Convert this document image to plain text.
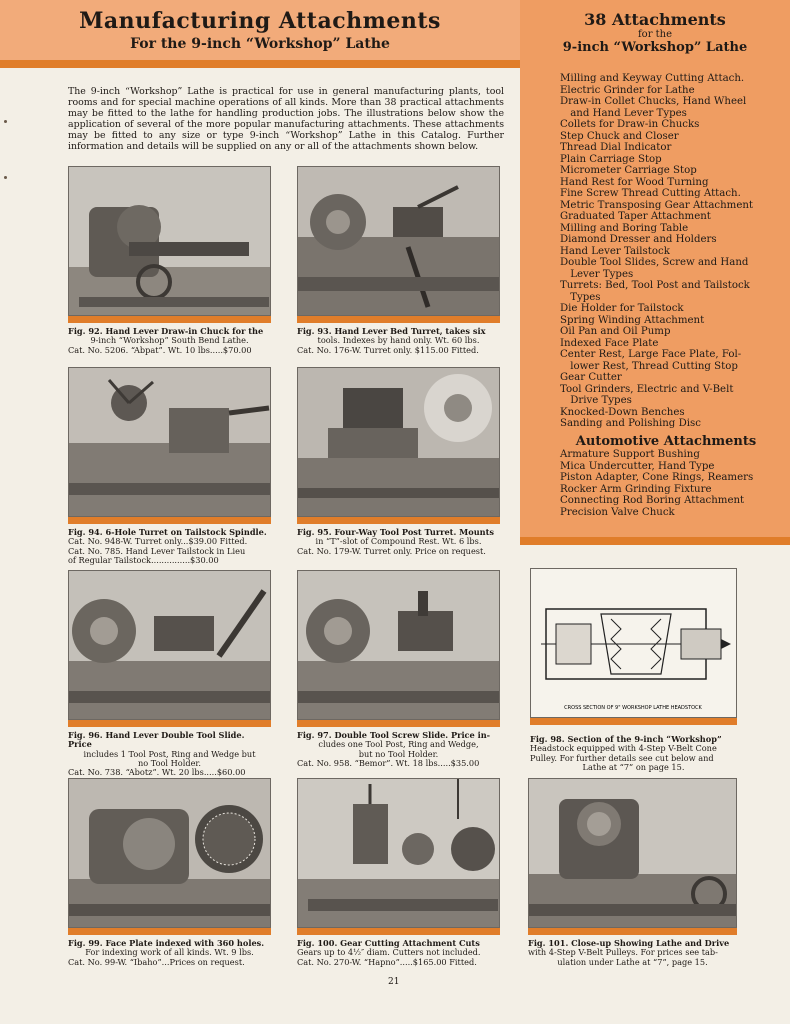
Manufacturing Attachments
For the 9-inch “Workshop” Lathe
38 Attachments
for the
9-inch “Workshop” Lathe
Milling and Keyway Cutting Attach.
Electric Grinder for Lathe
Draw-in Collet Chucks, Hand Wheel
 and Hand Lever Types
Collets for Draw-in Chucks
Step Chuck and Closer
Thread Dial Indicator
Plain Carriage Stop
Micrometer Carriage Stop
Hand Rest for Wood Turning
Fine Screw Thread Cutting Attach.
Metric Transposing Gear Attachment
Graduated Taper Attachment
Milling and Boring Table
Diamond Dresser and Holders
Hand Lever Tailstock
Double Tool Slides, Screw and Hand
 Lever Types
Turrets: Bed, Tool Post and Tailstock
 Types
Die Holder for Tailstock
Spring Winding Attachment
Oil Pan and Oil Pump
Indexed Face Plate
Center Rest, Large Face Plate, Fol-
 lower Rest, Thread Cutting Stop
Gear Cutter
Tool Grinders, Electric and V-Belt
 Drive Types
Knocked-Down Benches
Sanding and Polishing Disc
Automotive Attachments
Armature Support Bushing
Mica Undercutter, Hand Type
Piston Adapter, Cone Rings, Reamers
Rocker Arm Grinding Fixture
Connecting Rod Boring Attachment
Precision Valve Chuck
The 9-inch “Workshop” Lathe is practical for use in general manufacturing plants, tool rooms and for special machine operations of all kinds. More than 38 practical attachments may be fitted to the lathe for handling production jobs. The illustrations below show the application of several of the more popular manufacturing attachments. These attachments may be fitted to any size or type 9-inch “Workshop” Lathe in this Catalog. Further information and details will be supplied on any or all of the attachments shown below.
Fig. 92. Hand Lever Draw-in Chuck for the
9-inch “Workshop” South Bend Lathe.
Cat. No. 5206. “Abpat”. Wt. 10 lbs.....$70.00
Fig. 93. Hand Lever Bed Turret, takes six
tools. Indexes by hand only. Wt. 60 lbs.
Cat. No. 176-W. Turret only. $115.00 Fitted.
Fig. 94. 6-Hole Turret on Tailstock Spindle.
Cat. No. 948-W. Turret only...$39.00 Fitted.
Cat. No. 785. Hand Lever Tailstock in Lieu
of Regular Tailstock...............$30.00
Fig. 95. Four-Way Tool Post Turret. Mounts
in “T”-slot of Compound Rest. Wt. 6 lbs.
Cat. No. 179-W. Turret only. Price on request.
Fig. 96. Hand Lever Double Tool Slide. Price
includes 1 Tool Post, Ring and Wedge but
no Tool Holder.
Cat. No. 738. “Abotz”. Wt. 20 lbs.....$60.00
Fig. 97. Double Tool Screw Slide. Price in-
cludes one Tool Post, Ring and Wedge,
but no Tool Holder.
Cat. No. 958. “Bemor”. Wt. 18 lbs.....$35.00
CROSS SECTION OF 9" WORKSHOP LATHE HEADSTOCK
Fig. 98. Section of the 9-inch “Workshop”
Headstock equipped with 4-Step V-Belt Cone
Pulley. For further details see cut below and
Lathe at “7” on page 15.
Fig. 99. Face Plate indexed with 360 holes.
For indexing work of all kinds. Wt. 9 lbs.
Cat. No. 99-W. “Ibaho”...Prices on request.
Fig. 100. Gear Cutting Attachment Cuts
Gears up to 4½″ diam. Cutters not included.
Cat. No. 270-W. “Hapno”.....$165.00 Fitted.
Fig. 101. Close-up Showing Lathe and Drive
with 4-Step V-Belt Pulleys. For prices see tab-
ulation under Lathe at “7”, page 15.
21
